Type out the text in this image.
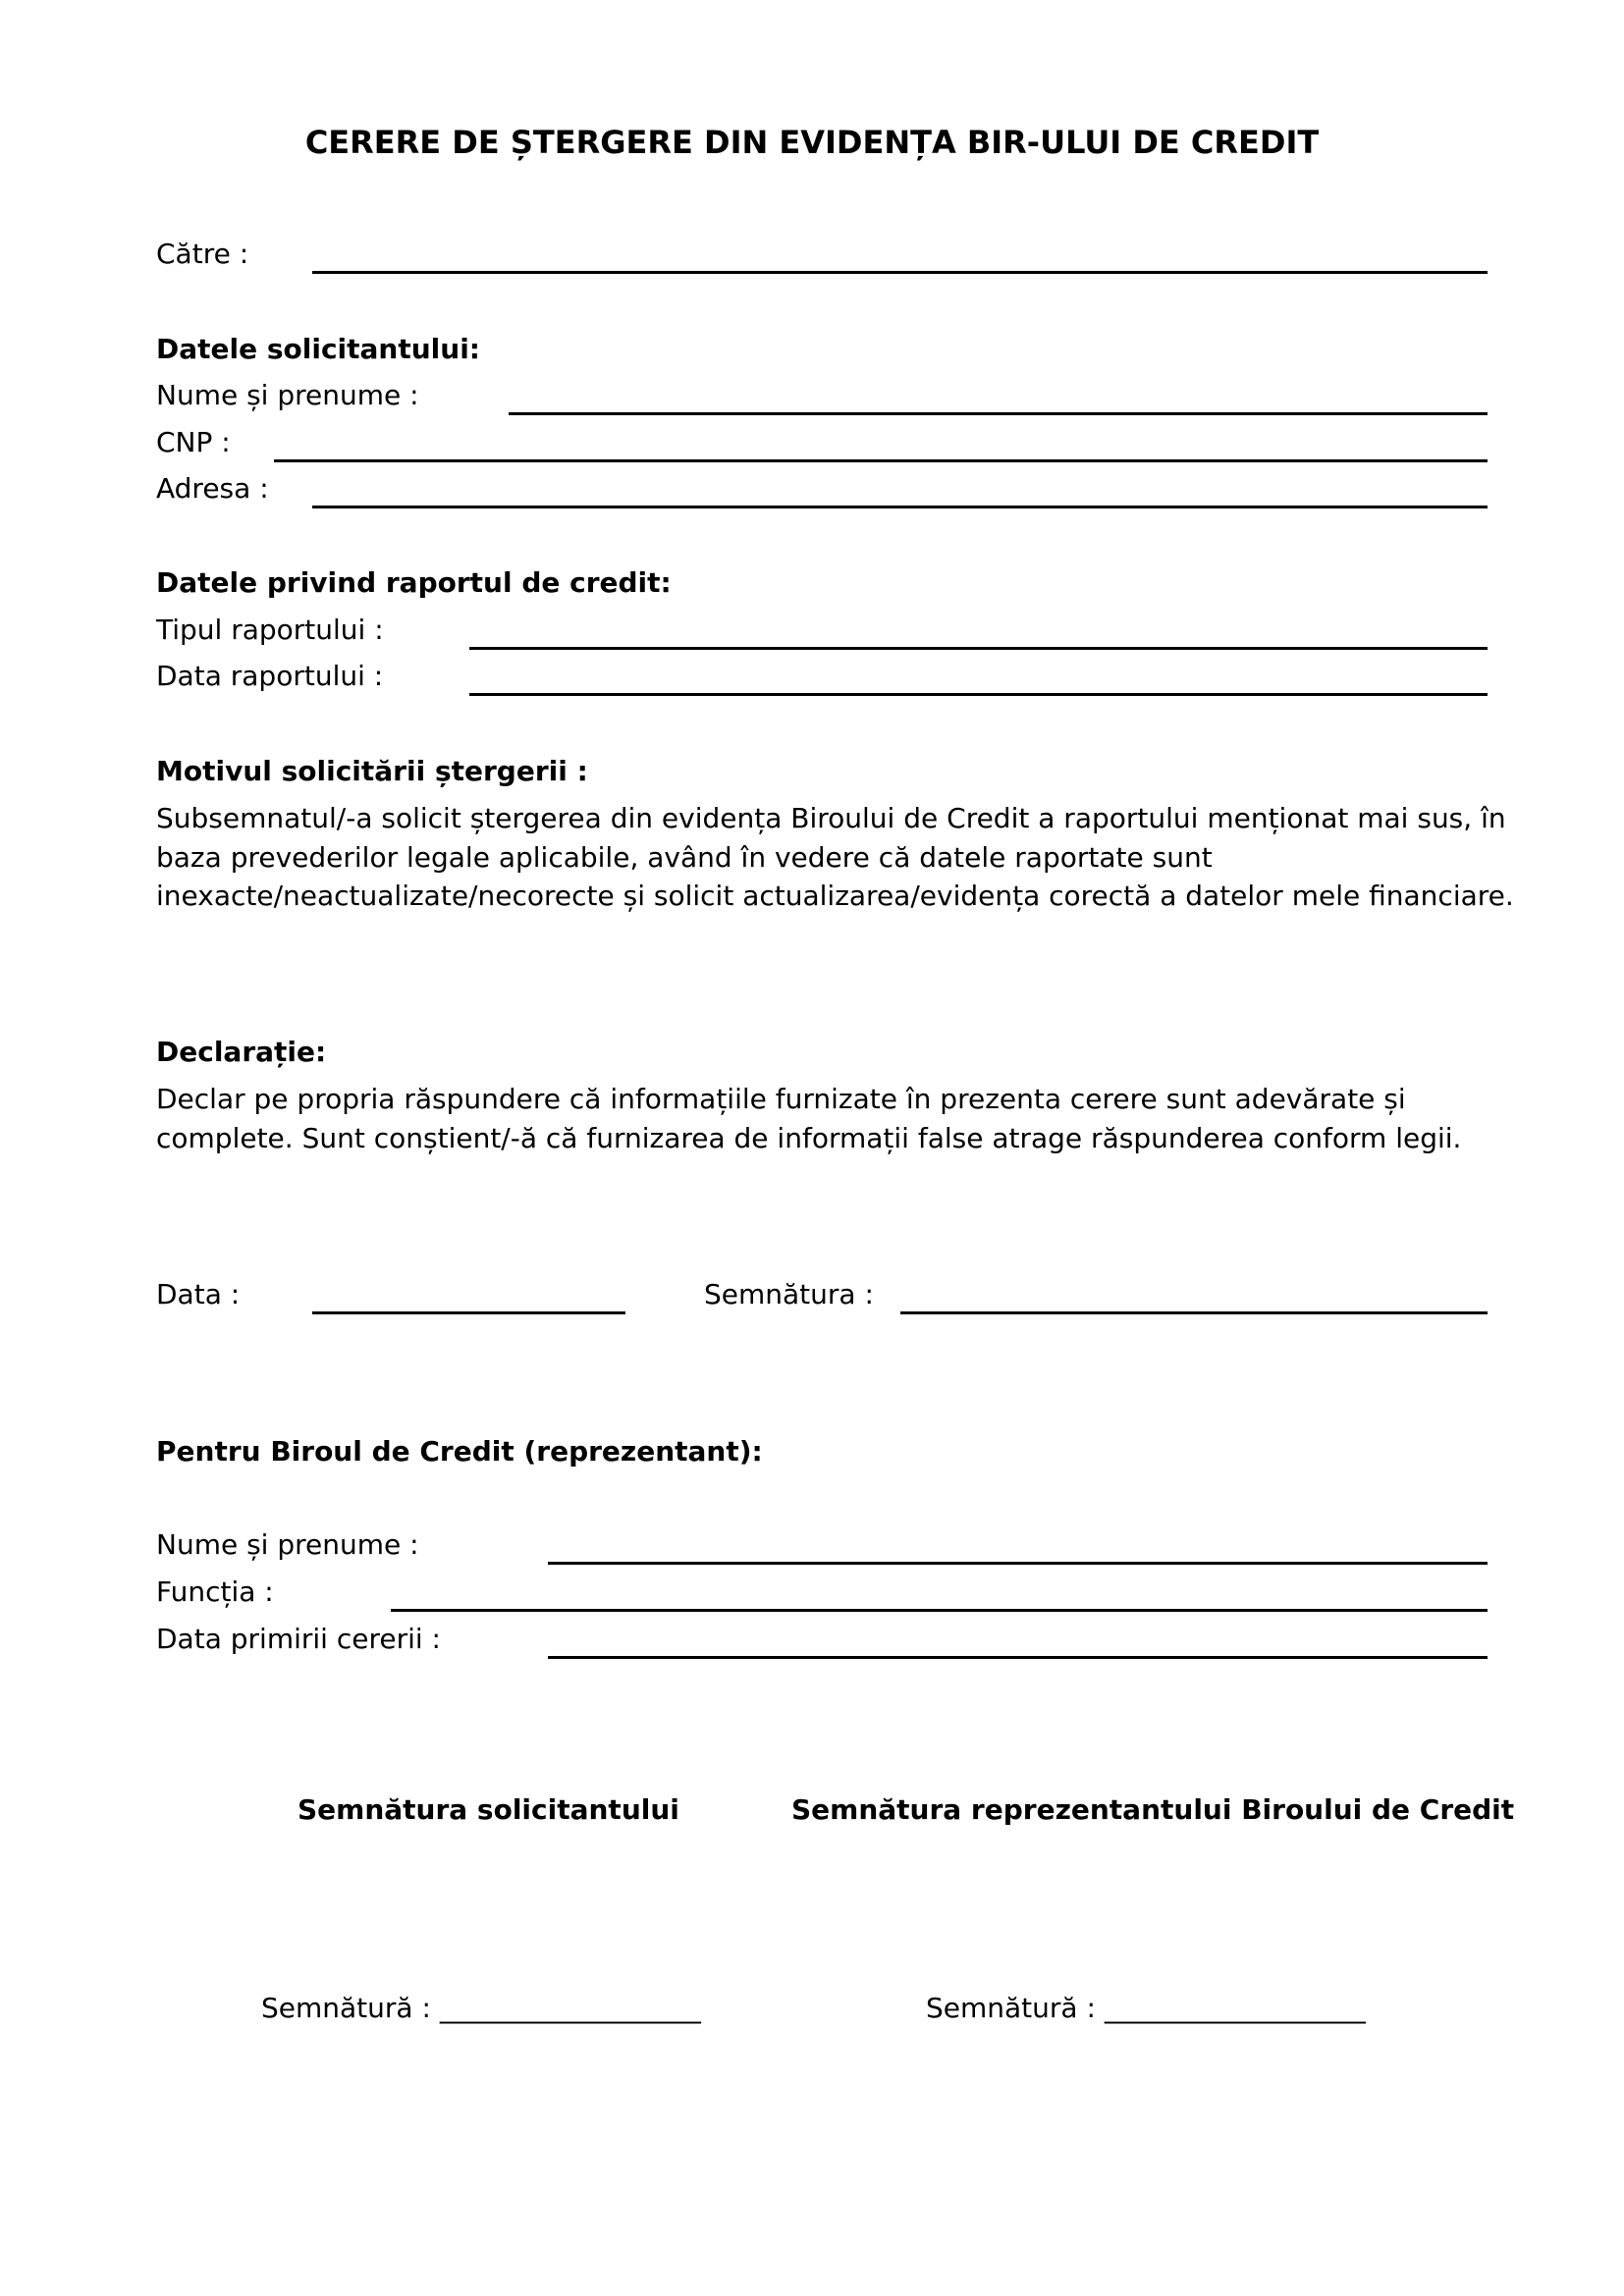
CERERE DE ȘTERGERE DIN EVIDENȚA BIR-ULUI DE CREDIT
Către :
Datele solicitantului:
Nume și prenume :
CNP :
Adresa :
Datele privind raportul de credit:
Tipul raportului :
Data raportului :
Motivul solicitării ștergerii :
Subsemnatul/-a solicit ștergerea din evidența Biroului de Credit a raportului menționat mai sus, în baza prevederilor legale aplicabile, având în vedere că datele raportate sunt inexacte/neactualizate/necorecte și solicit actualizarea/evidența corectă a datelor mele financiare.
Declarație:
Declar pe propria răspundere că informațiile furnizate în prezenta cerere sunt adevărate și complete. Sunt conștient/-ă că furnizarea de informații false atrage răspunderea conform legii.
Data :	Semnătura :
Pentru Biroul de Credit (reprezentant):
Nume și prenume :
Funcția :
Data primirii cererii :
Semnătura solicitantului	Semnătura reprezentantului Biroului de Credit
Semnătură : ___________________	Semnătură : ___________________
